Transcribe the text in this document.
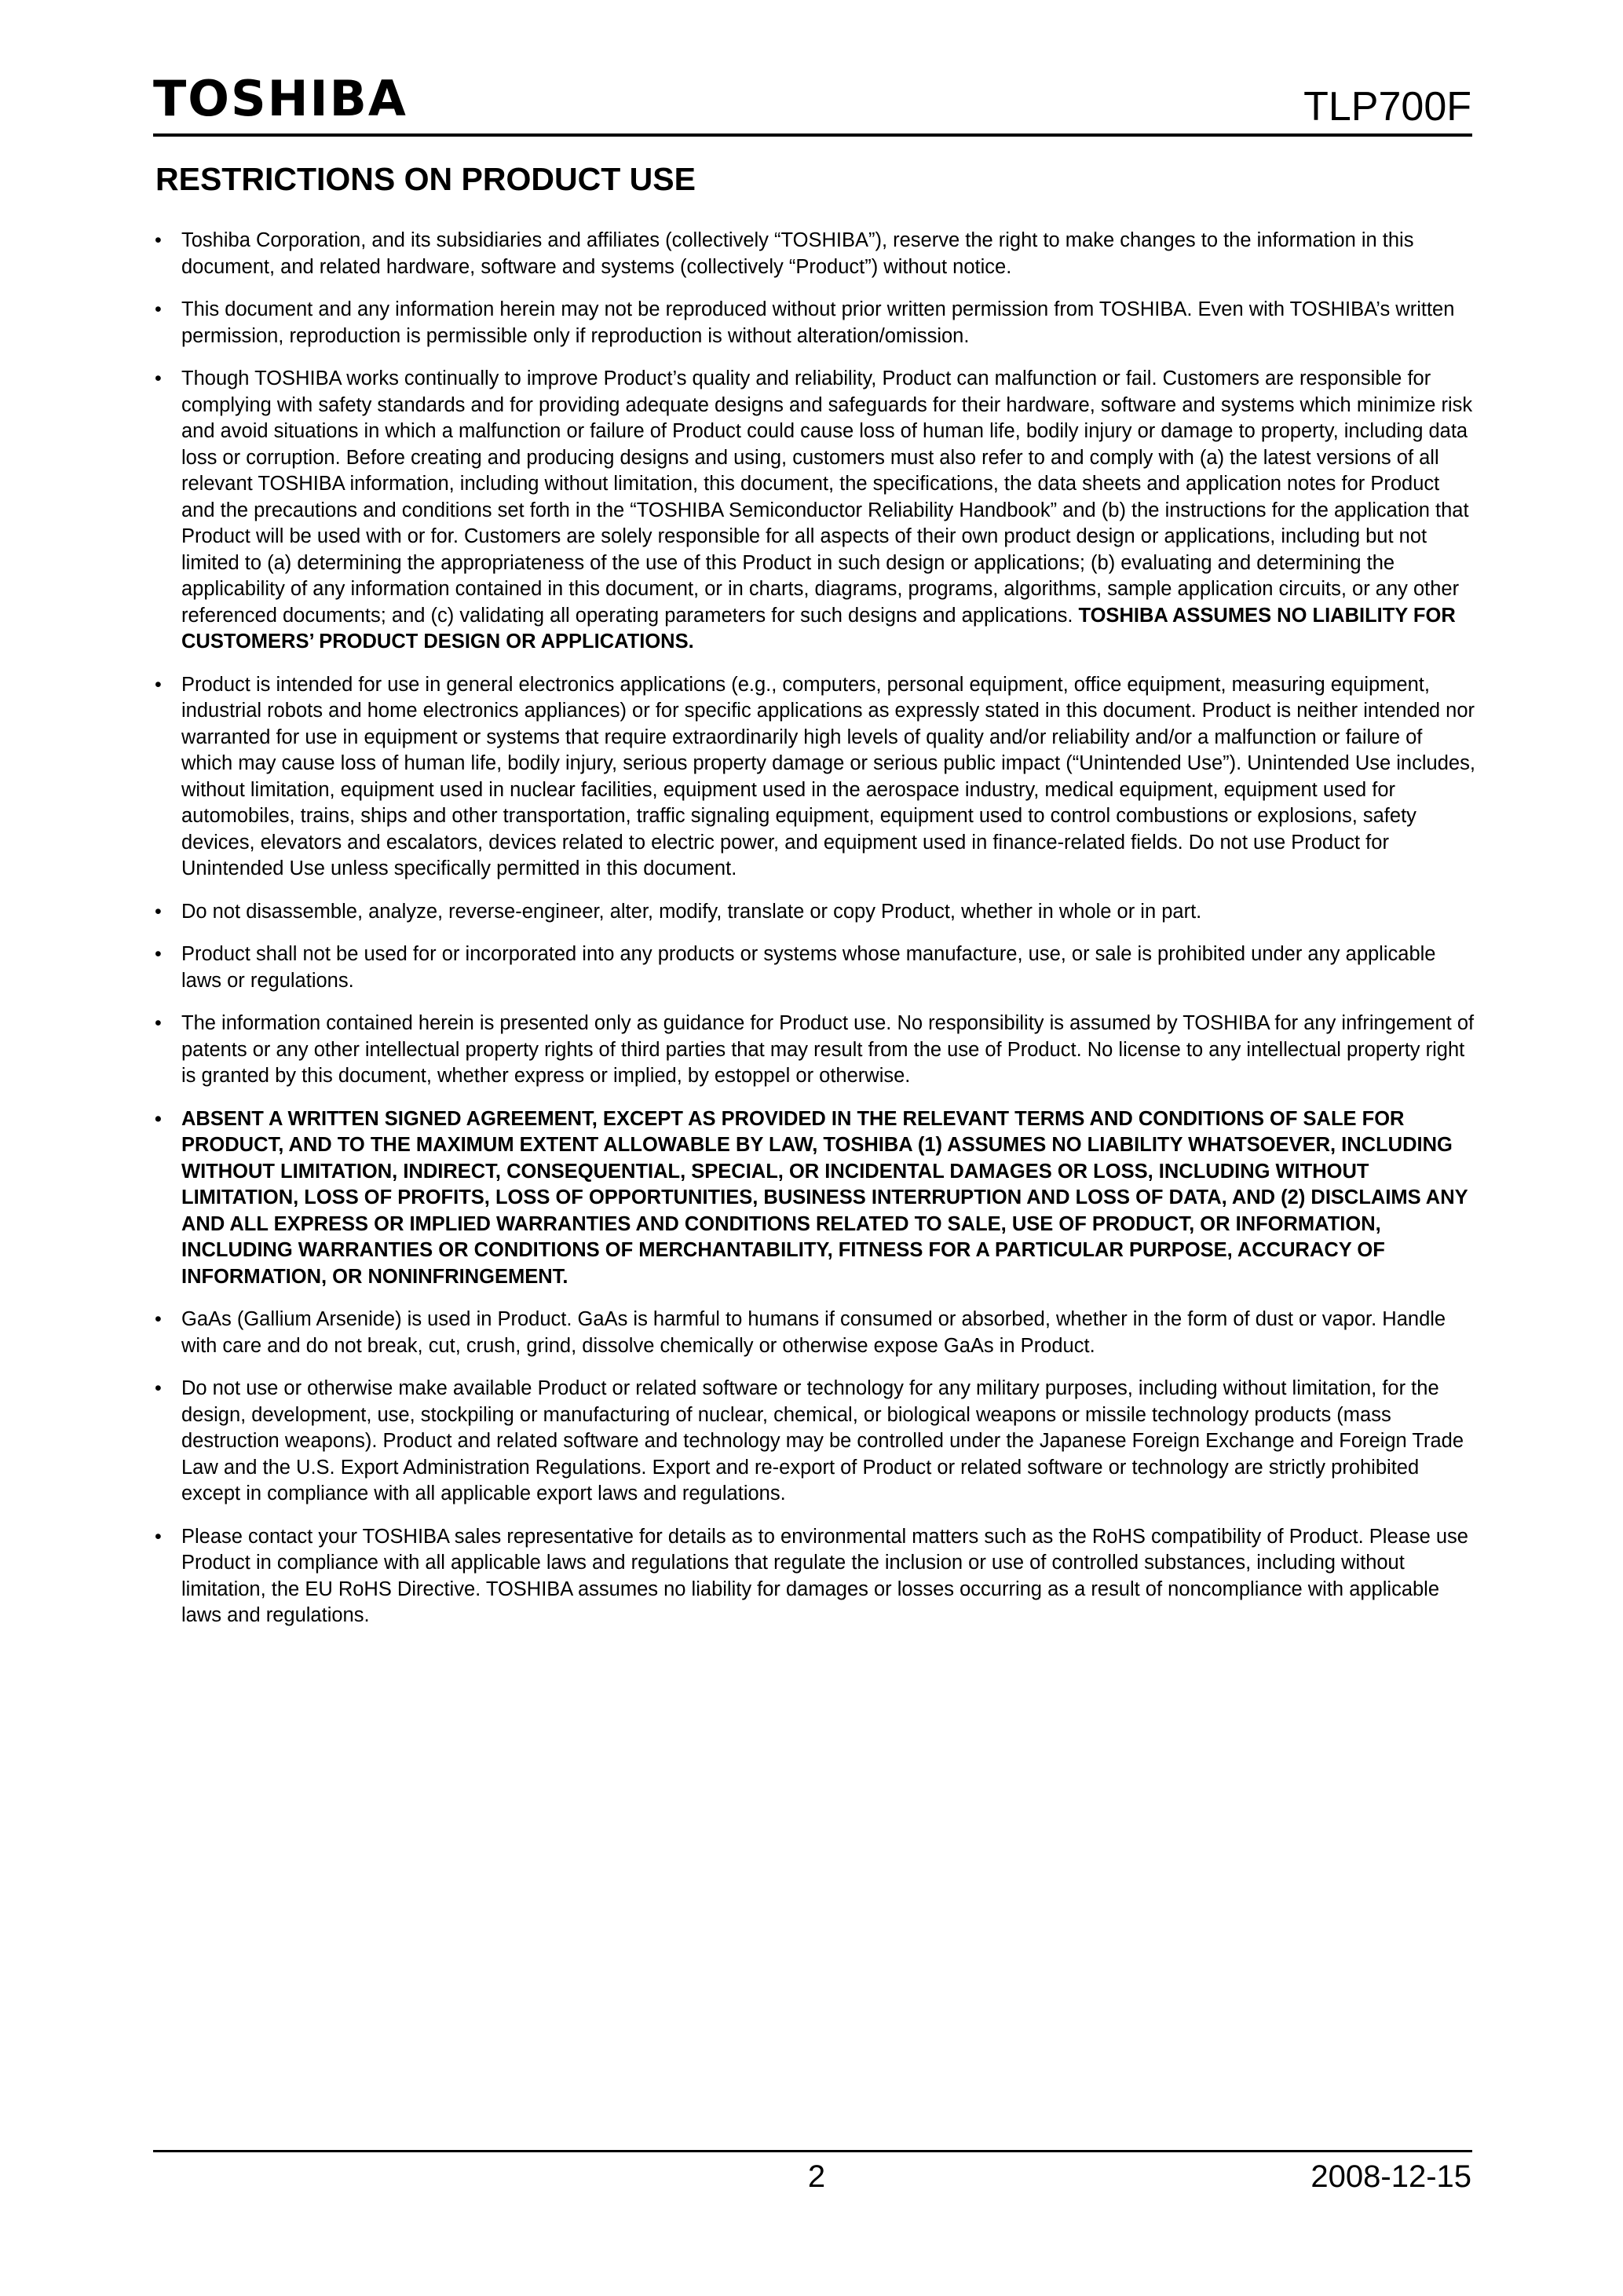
TOSHIBA	TLP700F
RESTRICTIONS ON PRODUCT USE
• Toshiba Corporation, and its subsidiaries and affiliates (collectively “TOSHIBA”), reserve the right to make changes to the information in this document, and related hardware, software and systems (collectively “Product”) without notice.
• This document and any information herein may not be reproduced without prior written permission from TOSHIBA. Even with TOSHIBA’s written permission, reproduction is permissible only if reproduction is without alteration/omission.
• Though TOSHIBA works continually to improve Product’s quality and reliability, Product can malfunction or fail. Customers are responsible for complying with safety standards and for providing adequate designs and safeguards for their hardware, software and systems which minimize risk and avoid situations in which a malfunction or failure of Product could cause loss of human life, bodily injury or damage to property, including data loss or corruption. Before creating and producing designs and using, customers must also refer to and comply with (a) the latest versions of all relevant TOSHIBA information, including without limitation, this document, the specifications, the data sheets and application notes for Product and the precautions and conditions set forth in the “TOSHIBA Semiconductor Reliability Handbook” and (b) the instructions for the application that Product will be used with or for. Customers are solely responsible for all aspects of their own product design or applications, including but not limited to (a) determining the appropriateness of the use of this Product in such design or applications; (b) evaluating and determining the applicability of any information contained in this document, or in charts, diagrams, programs, algorithms, sample application circuits, or any other referenced documents; and (c) validating all operating parameters for such designs and applications. TOSHIBA ASSUMES NO LIABILITY FOR CUSTOMERS’ PRODUCT DESIGN OR APPLICATIONS.
• Product is intended for use in general electronics applications (e.g., computers, personal equipment, office equipment, measuring equipment, industrial robots and home electronics appliances) or for specific applications as expressly stated in this document. Product is neither intended nor warranted for use in equipment or systems that require extraordinarily high levels of quality and/or reliability and/or a malfunction or failure of which may cause loss of human life, bodily injury, serious property damage or serious public impact (“Unintended Use”). Unintended Use includes, without limitation, equipment used in nuclear facilities, equipment used in the aerospace industry, medical equipment, equipment used for automobiles, trains, ships and other transportation, traffic signaling equipment, equipment used to control combustions or explosions, safety devices, elevators and escalators, devices related to electric power, and equipment used in finance-related fields. Do not use Product for Unintended Use unless specifically permitted in this document.
• Do not disassemble, analyze, reverse-engineer, alter, modify, translate or copy Product, whether in whole or in part.
• Product shall not be used for or incorporated into any products or systems whose manufacture, use, or sale is prohibited under any applicable laws or regulations.
• The information contained herein is presented only as guidance for Product use. No responsibility is assumed by TOSHIBA for any infringement of patents or any other intellectual property rights of third parties that may result from the use of Product. No license to any intellectual property right is granted by this document, whether express or implied, by estoppel or otherwise.
• ABSENT A WRITTEN SIGNED AGREEMENT, EXCEPT AS PROVIDED IN THE RELEVANT TERMS AND CONDITIONS OF SALE FOR PRODUCT, AND TO THE MAXIMUM EXTENT ALLOWABLE BY LAW, TOSHIBA (1) ASSUMES NO LIABILITY WHATSOEVER, INCLUDING WITHOUT LIMITATION, INDIRECT, CONSEQUENTIAL, SPECIAL, OR INCIDENTAL DAMAGES OR LOSS, INCLUDING WITHOUT LIMITATION, LOSS OF PROFITS, LOSS OF OPPORTUNITIES, BUSINESS INTERRUPTION AND LOSS OF DATA, AND (2) DISCLAIMS ANY AND ALL EXPRESS OR IMPLIED WARRANTIES AND CONDITIONS RELATED TO SALE, USE OF PRODUCT, OR INFORMATION, INCLUDING WARRANTIES OR CONDITIONS OF MERCHANTABILITY, FITNESS FOR A PARTICULAR PURPOSE, ACCURACY OF INFORMATION, OR NONINFRINGEMENT.
• GaAs (Gallium Arsenide) is used in Product. GaAs is harmful to humans if consumed or absorbed, whether in the form of dust or vapor. Handle with care and do not break, cut, crush, grind, dissolve chemically or otherwise expose GaAs in Product.
• Do not use or otherwise make available Product or related software or technology for any military purposes, including without limitation, for the design, development, use, stockpiling or manufacturing of nuclear, chemical, or biological weapons or missile technology products (mass destruction weapons). Product and related software and technology may be controlled under the Japanese Foreign Exchange and Foreign Trade Law and the U.S. Export Administration Regulations. Export and re-export of Product or related software or technology are strictly prohibited except in compliance with all applicable export laws and regulations.
• Please contact your TOSHIBA sales representative for details as to environmental matters such as the RoHS compatibility of Product. Please use Product in compliance with all applicable laws and regulations that regulate the inclusion or use of controlled substances, including without limitation, the EU RoHS Directive. TOSHIBA assumes no liability for damages or losses occurring as a result of noncompliance with applicable laws and regulations.
2	2008-12-15
